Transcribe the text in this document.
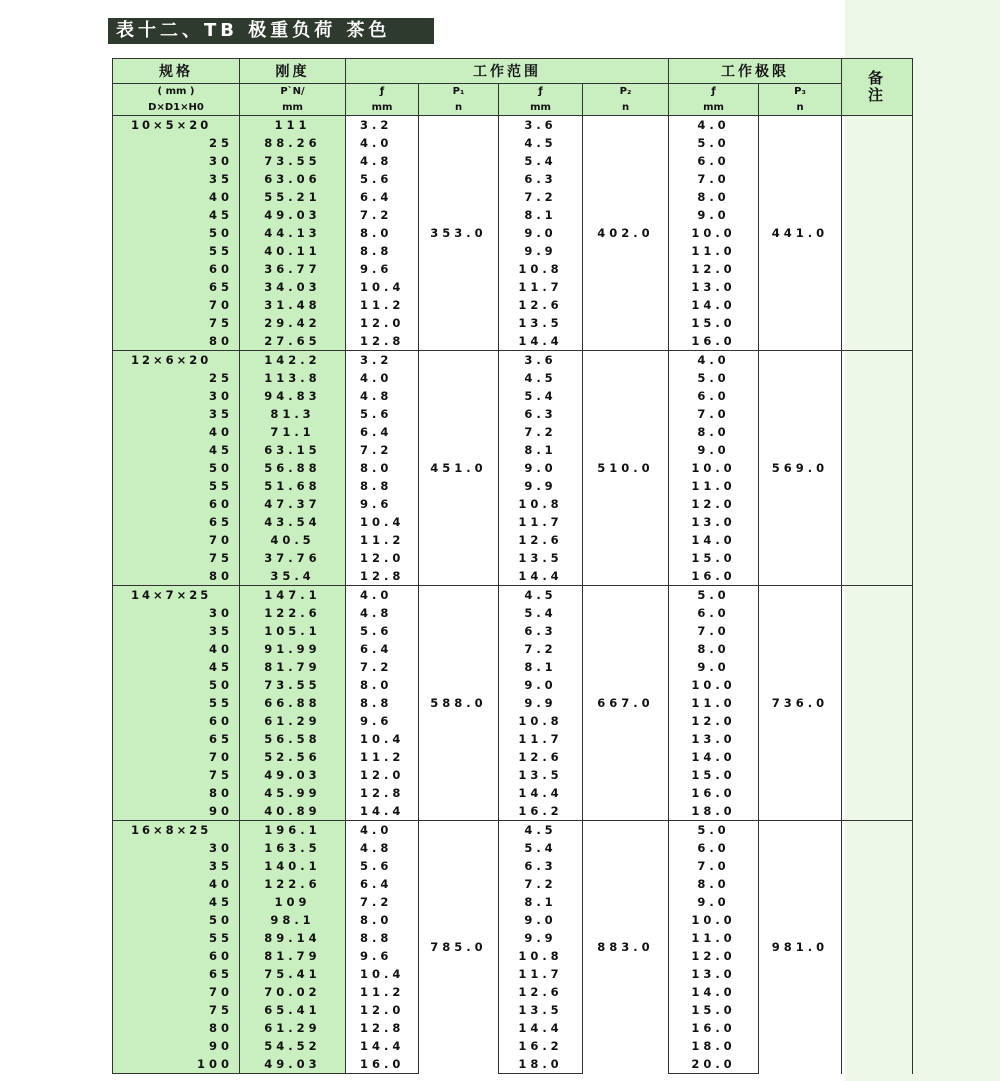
表十二、TB 极重负荷 茶色
规格	刚度	工作范围				工作极限		备注
( mm )	P`N/	ƒ	P₁	ƒ	P₂	ƒ	P₃	
D×D1×H0	mm	mm	n	mm	n	mm	n	
10×5×20	111	3.2	353.0	3.6	402.0	4.0	441.0	
25	88.26	4.0		4.5		5.0		
30	73.55	4.8		5.4		6.0		
35	63.06	5.6		6.3		7.0		
40	55.21	6.4		7.2		8.0		
45	49.03	7.2		8.1		9.0		
50	44.13	8.0		9.0		10.0		
55	40.11	8.8		9.9		11.0		
60	36.77	9.6		10.8		12.0		
65	34.03	10.4		11.7		13.0		
70	31.48	11.2		12.6		14.0		
75	29.42	12.0		13.5		15.0		
80	27.65	12.8		14.4		16.0		
12×6×20	142.2	3.2	451.0	3.6	510.0	4.0	569.0	
25	113.8	4.0		4.5		5.0		
30	94.83	4.8		5.4		6.0		
35	81.3	5.6		6.3		7.0		
40	71.1	6.4		7.2		8.0		
45	63.15	7.2		8.1		9.0		
50	56.88	8.0		9.0		10.0		
55	51.68	8.8		9.9		11.0		
60	47.37	9.6		10.8		12.0		
65	43.54	10.4		11.7		13.0		
70	40.5	11.2		12.6		14.0		
75	37.76	12.0		13.5		15.0		
80	35.4	12.8		14.4		16.0		
14×7×25	147.1	4.0	588.0	4.5	667.0	5.0	736.0	
30	122.6	4.8		5.4		6.0		
35	105.1	5.6		6.3		7.0		
40	91.99	6.4		7.2		8.0		
45	81.79	7.2		8.1		9.0		
50	73.55	8.0		9.0		10.0		
55	66.88	8.8		9.9		11.0		
60	61.29	9.6		10.8		12.0		
65	56.58	10.4		11.7		13.0		
70	52.56	11.2		12.6		14.0		
75	49.03	12.0		13.5		15.0		
80	45.99	12.8		14.4		16.0		
90	40.89	14.4		16.2		18.0		
16×8×25	196.1	4.0	785.0	4.5	883.0	5.0	981.0	
30	163.5	4.8		5.4		6.0		
35	140.1	5.6		6.3		7.0		
40	122.6	6.4		7.2		8.0		
45	109	7.2		8.1		9.0		
50	98.1	8.0		9.0		10.0		
55	89.14	8.8		9.9		11.0		
60	81.79	9.6		10.8		12.0		
65	75.41	10.4		11.7		13.0		
70	70.02	11.2		12.6		14.0		
75	65.41	12.0		13.5		15.0		
80	61.29	12.8		14.4		16.0		
90	54.52	14.4		16.2		18.0		
100	49.03	16.0		18.0		20.0		
